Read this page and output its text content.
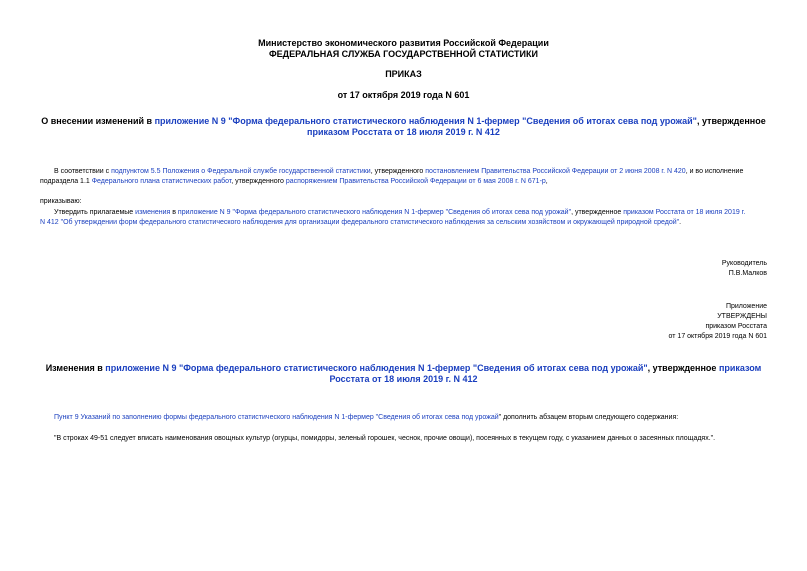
Министерство экономического развития Российской Федерации
ФЕДЕРАЛЬНАЯ СЛУЖБА ГОСУДАРСТВЕННОЙ СТАТИСТИКИ
ПРИКАЗ
от 17 октября 2019 года N 601
О внесении изменений в приложение N 9 "Форма федерального статистического наблюдения N 1-фермер "Сведения об итогах сева под урожай", утвержденное
приказом Росстата от 18 июля 2019 г. N 412
В соответствии с подпунктом 5.5 Положения о Федеральной службе государственной статистики, утвержденного постановлением Правительства Российской Федерации от 2 июня 2008 г. N 420, и во исполнение
подраздела 1.1 Федерального плана статистических работ, утвержденного распоряжением Правительства Российской Федерации от 6 мая 2008 г. N 671-р,
приказываю:
Утвердить прилагаемые изменения в приложение N 9 "Форма федерального статистического наблюдения N 1-фермер "Сведения об итогах сева под урожай", утвержденное приказом Росстата от 18 июля 2019 г.
N 412 "Об утверждении форм федерального статистического наблюдения для организации федерального статистического наблюдения за сельским хозяйством и окружающей природной средой".
Руководитель
П.В.Малков
Приложение
УТВЕРЖДЕНЫ
приказом Росстата
от 17 октября 2019 года N 601
Изменения в приложение N 9 "Форма федерального статистического наблюдения N 1-фермер "Сведения об итогах сева под урожай", утвержденное приказом
Росстата от 18 июля 2019 г. N 412
Пункт 9 Указаний по заполнению формы федерального статистического наблюдения N 1-фермер "Сведения об итогах сева под урожай" дополнить абзацем вторым следующего содержания:
"В строках 49-51 следует вписать наименования овощных культур (огурцы, помидоры, зеленый горошек, чеснок, прочие овощи), посеянных в текущем году, с указанием данных о засеянных площадях.".
